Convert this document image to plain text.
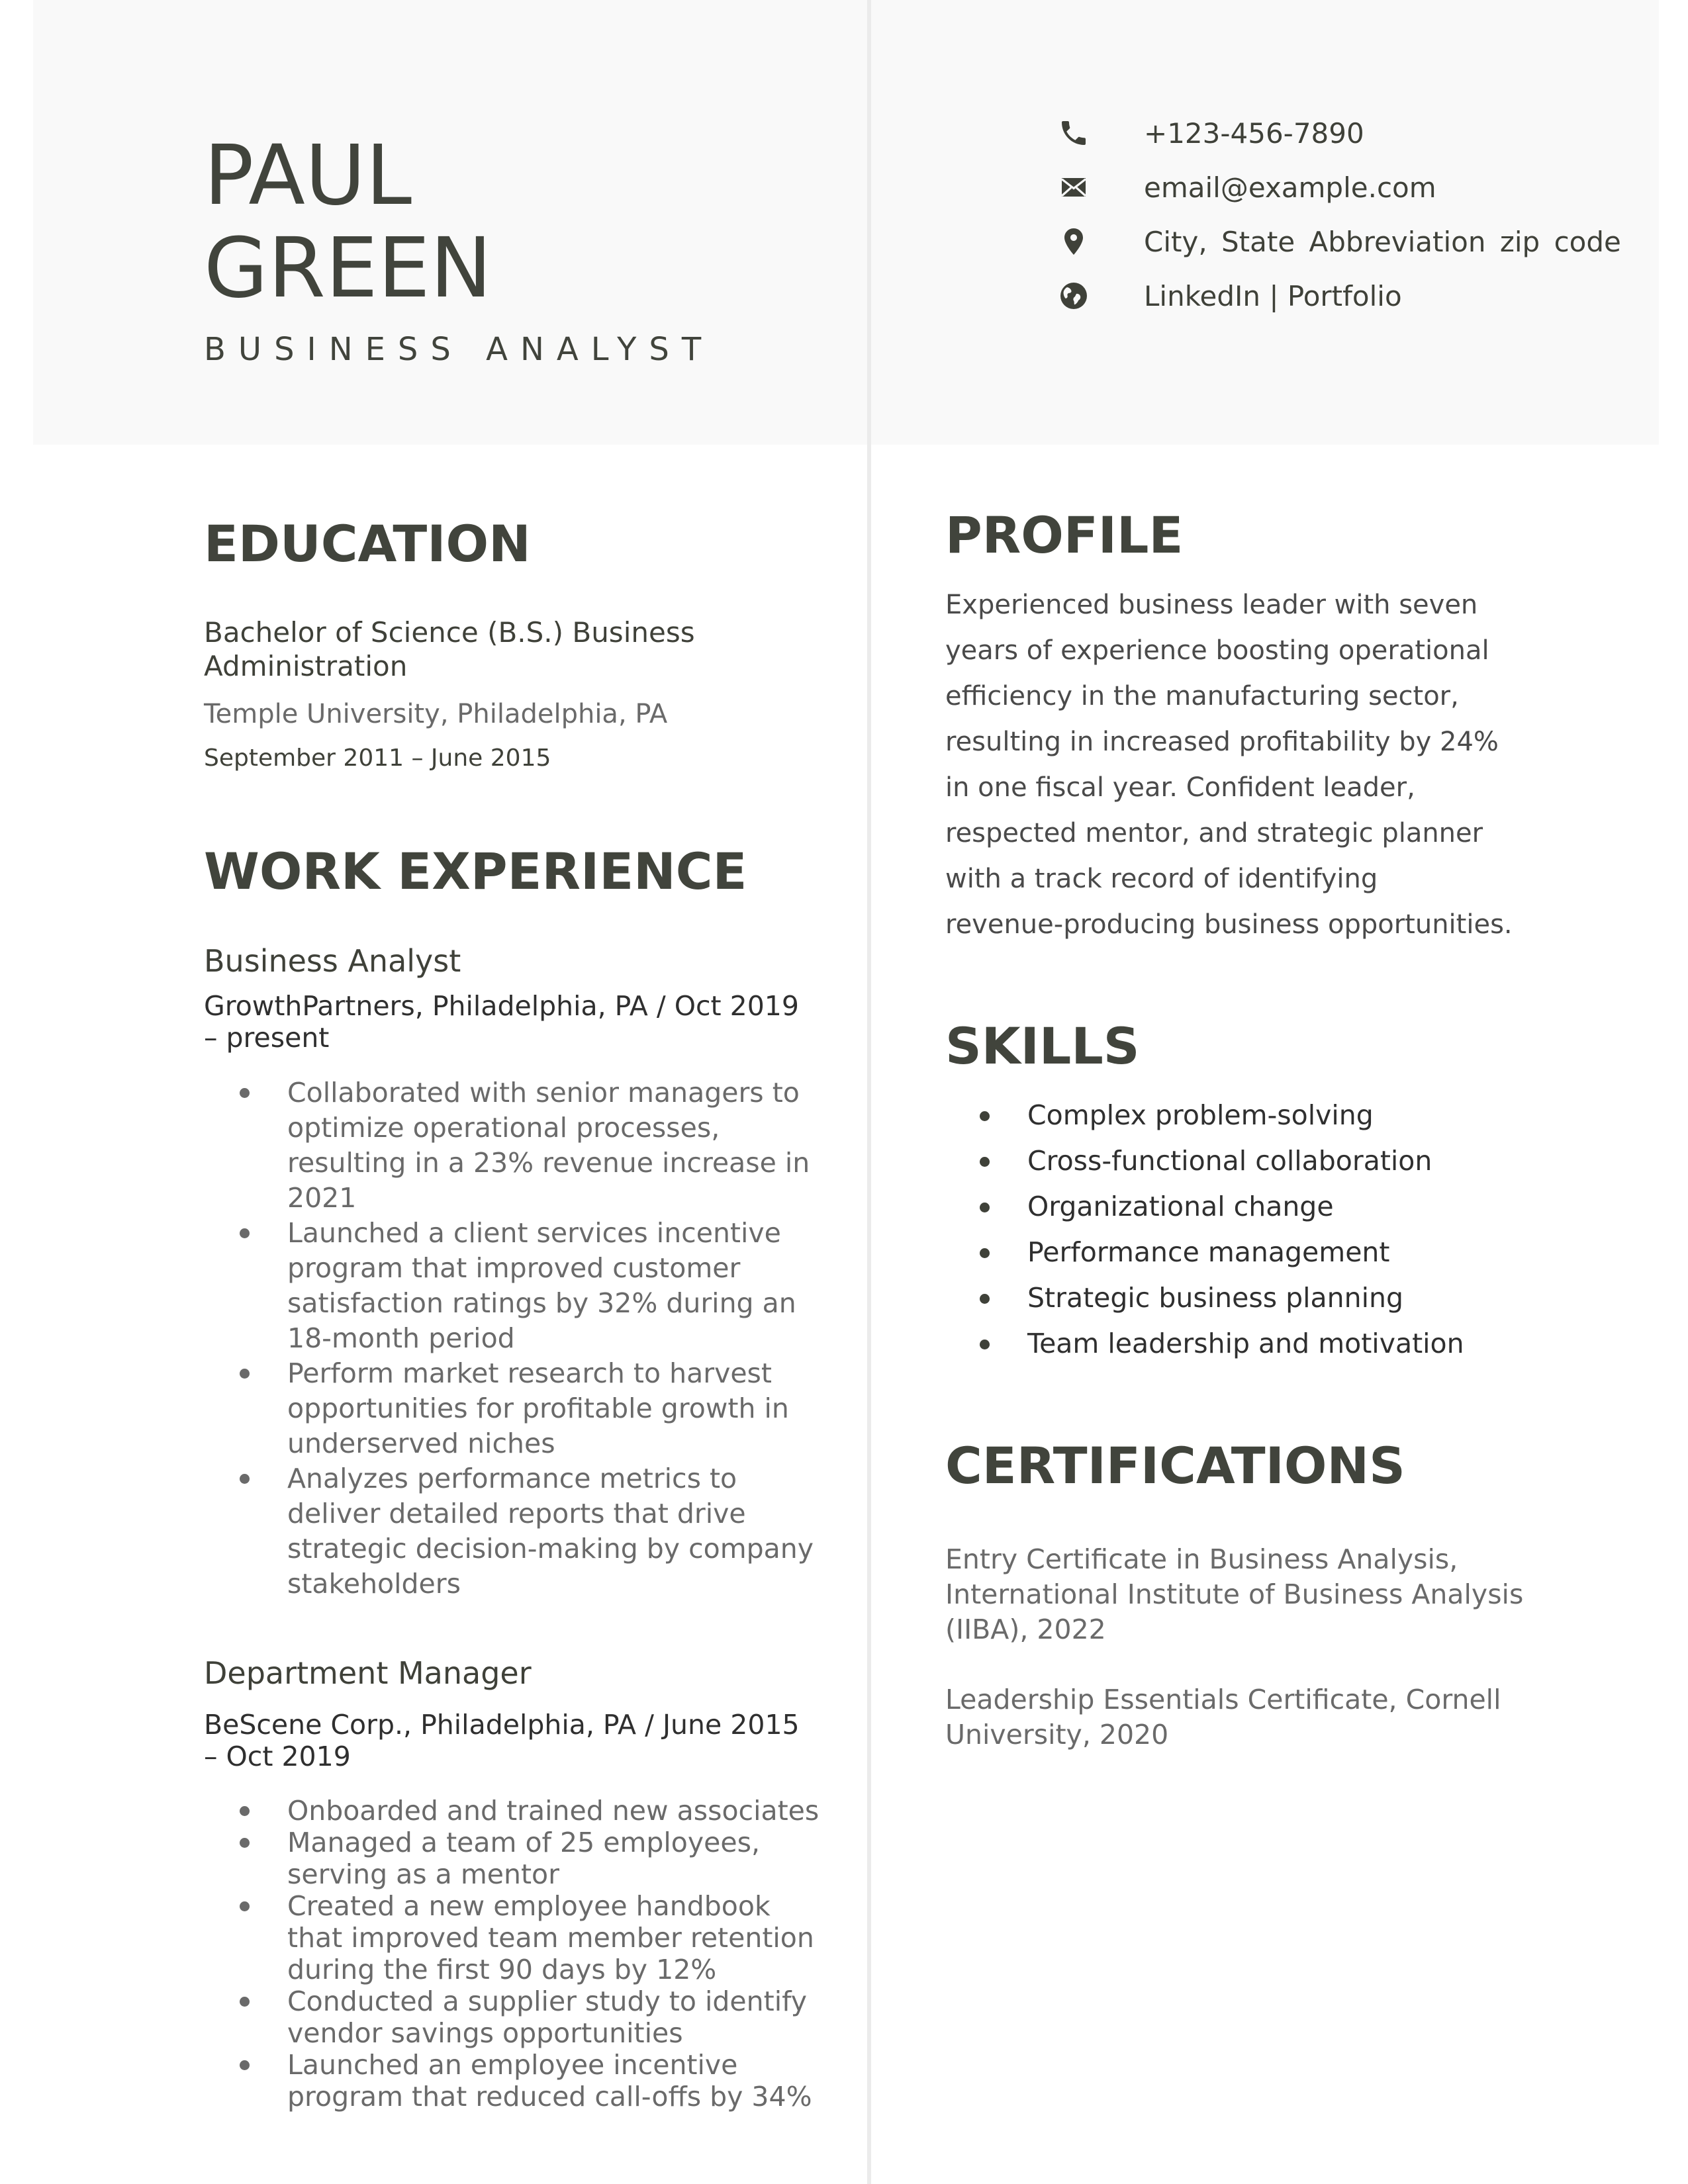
PAUL
GREEN
BUSINESS ANALYST
+123-456-7890
email@example.com
City, State Abbreviation zip code
LinkedIn | Portfolio
EDUCATION
Bachelor of Science (B.S.) Business
Administration
Temple University, Philadelphia, PA
September 2011 – June 2015
WORK EXPERIENCE
Business Analyst
GrowthPartners, Philadelphia, PA / Oct 2019
– present
Collaborated with senior managers to
optimize operational processes,
resulting in a 23% revenue increase in
2021
Launched a client services incentive
program that improved customer
satisfaction ratings by 32% during an
18-month period
Perform market research to harvest
opportunities for profitable growth in
underserved niches
Analyzes performance metrics to
deliver detailed reports that drive
strategic decision-making by company
stakeholders
Department Manager
BeScene Corp., Philadelphia, PA / June 2015
– Oct 2019
Onboarded and trained new associates
Managed a team of 25 employees,
serving as a mentor
Created a new employee handbook
that improved team member retention
during the first 90 days by 12%
Conducted a supplier study to identify
vendor savings opportunities
Launched an employee incentive
program that reduced call-offs by 34%
PROFILE
Experienced business leader with seven
years of experience boosting operational
efficiency in the manufacturing sector,
resulting in increased profitability by 24%
in one fiscal year. Confident leader,
respected mentor, and strategic planner
with a track record of identifying
revenue-producing business opportunities.
SKILLS
Complex problem-solving
Cross-functional collaboration
Organizational change
Performance management
Strategic business planning
Team leadership and motivation
CERTIFICATIONS
Entry Certificate in Business Analysis,
International Institute of Business Analysis
(IIBA), 2022
Leadership Essentials Certificate, Cornell
University, 2020
